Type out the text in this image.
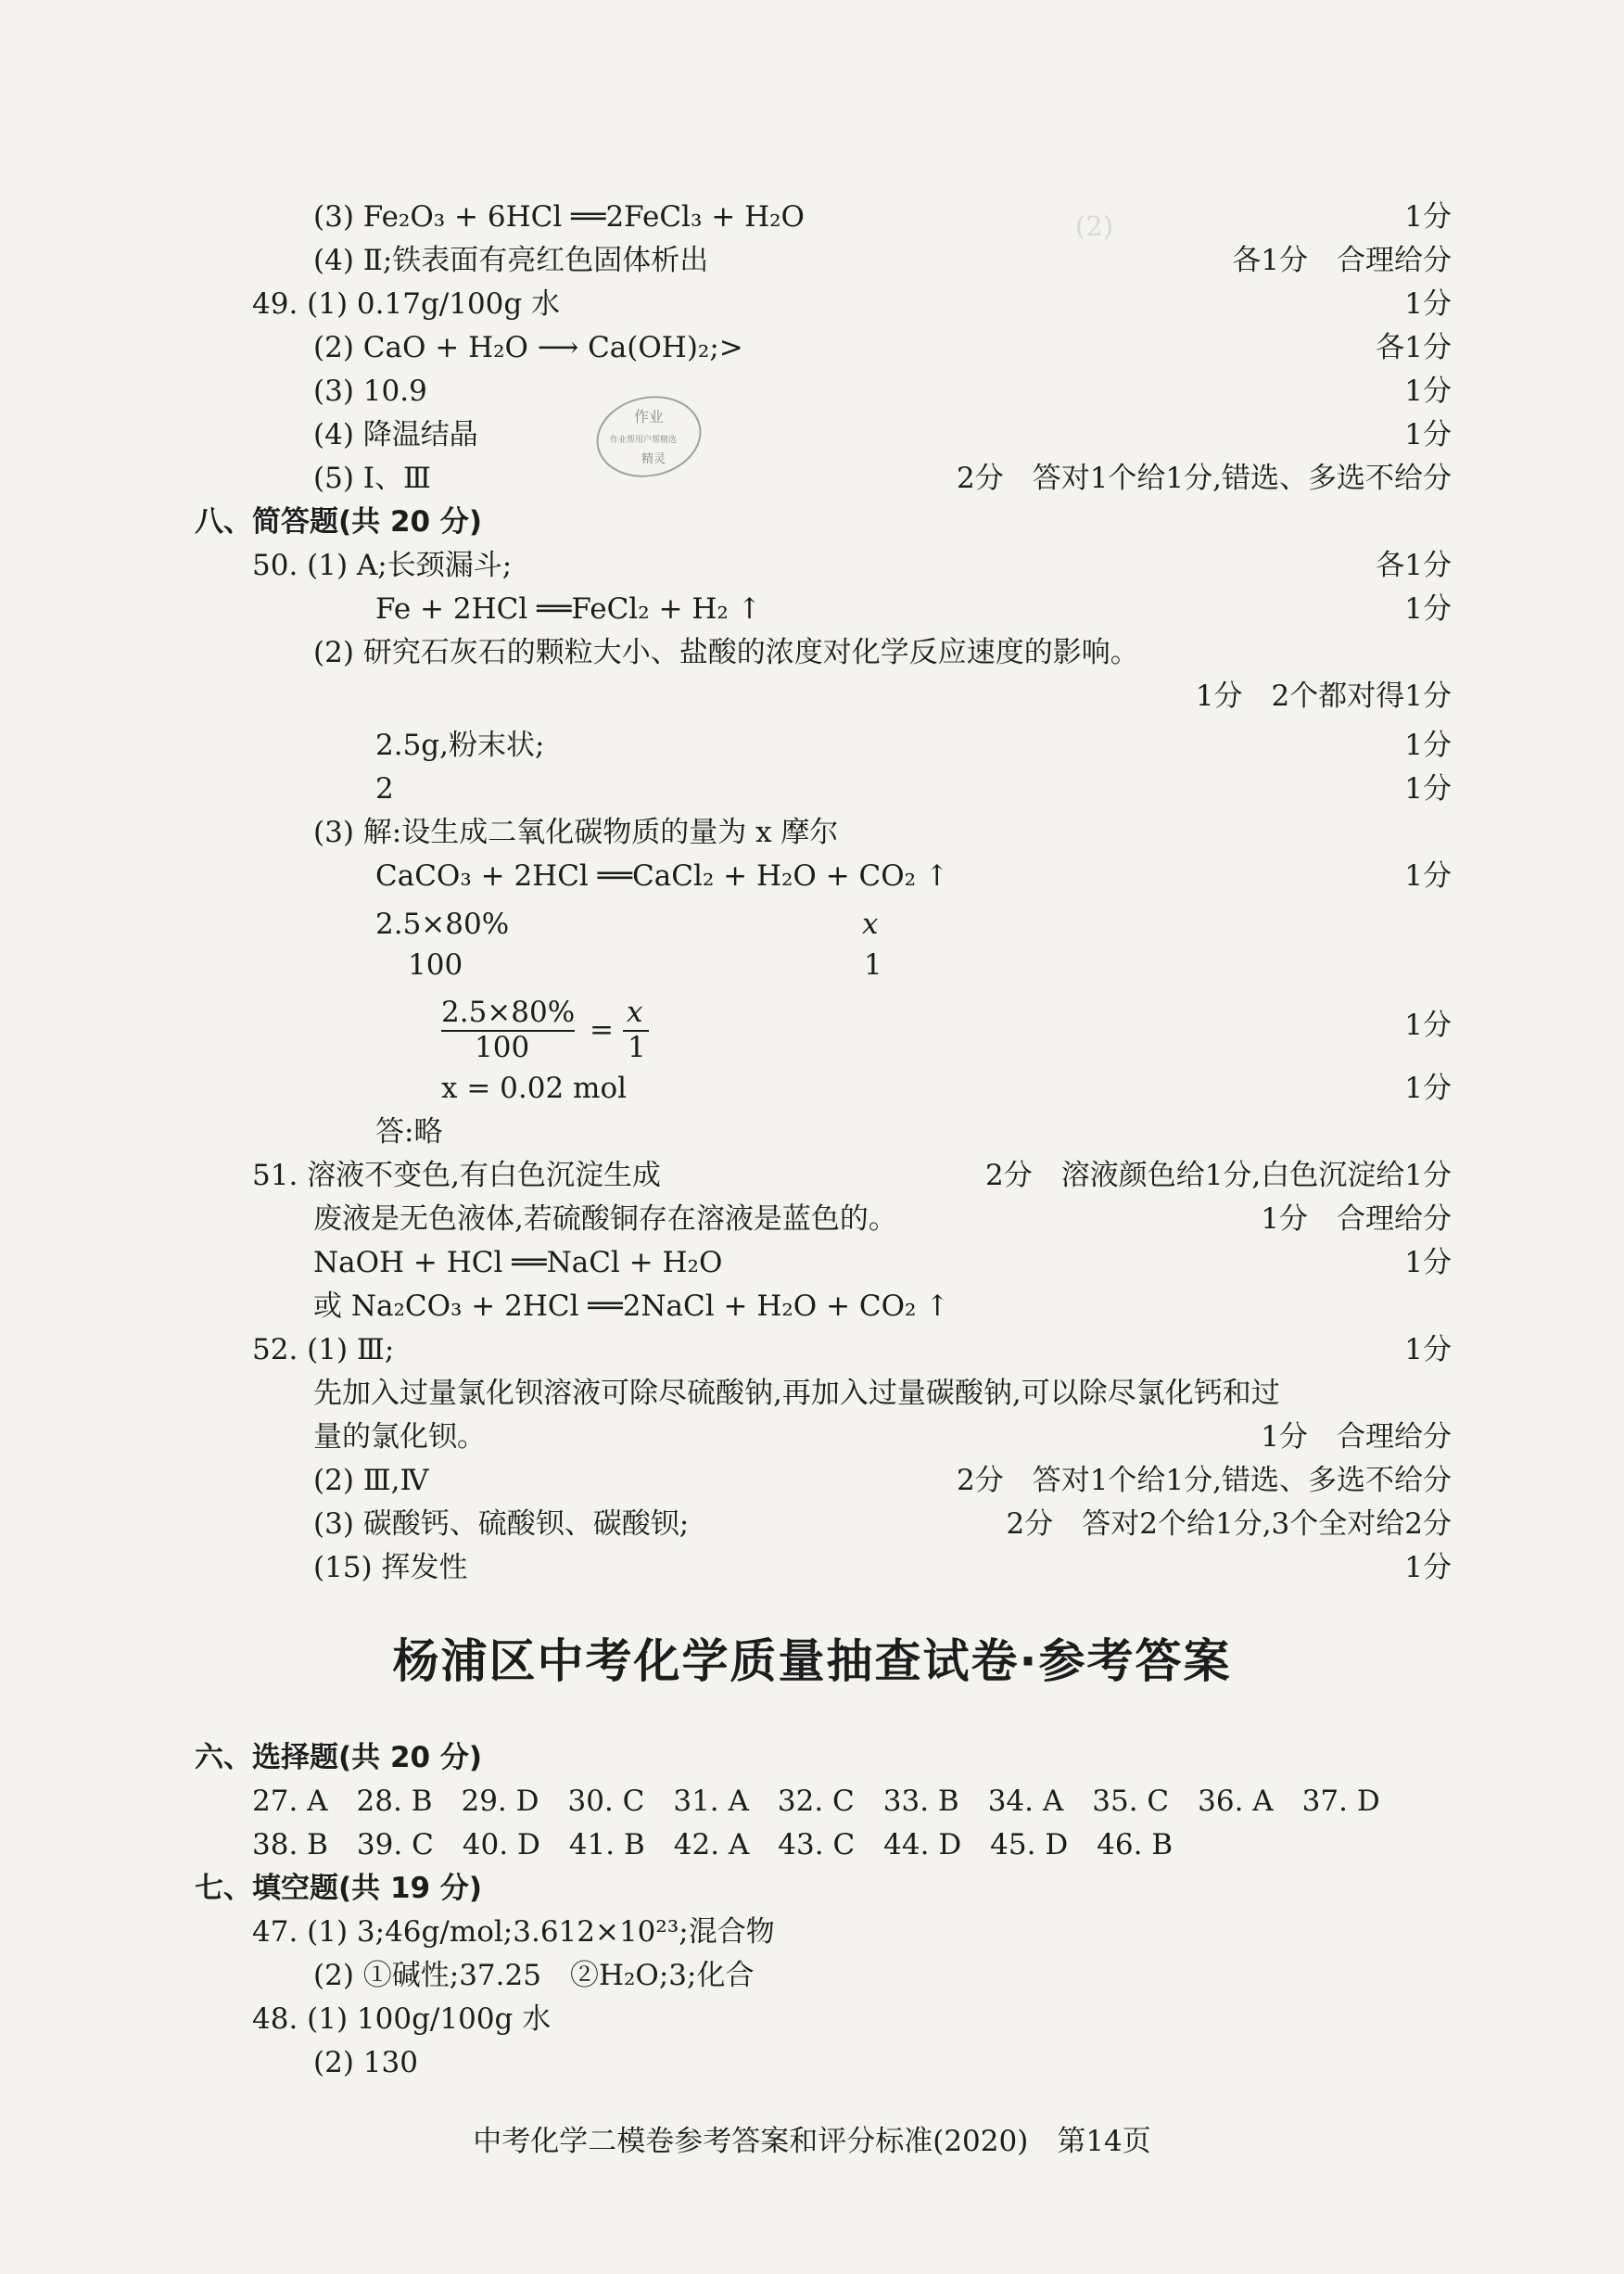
(2)
(3) Fe₂O₃ + 6HCl ══2FeCl₃ + H₂O	1分
(4) Ⅱ;铁表面有亮红色固体析出	各1分　合理给分
49. (1) 0.17g/100g 水	1分
(2) CaO + H₂O ⟶ Ca(OH)₂;>	各1分
(3) 10.9	1分
(4) 降温结晶	1分
(5) Ⅰ、Ⅲ	2分　答对1个给1分,错选、多选不给分
作业
作业帮用户帮精选
精灵
八、简答题(共 20 分)
50. (1) A;长颈漏斗;	各1分
Fe + 2HCl ══FeCl₂ + H₂ ↑	1分
(2) 研究石灰石的颗粒大小、盐酸的浓度对化学反应速度的影响。
1分　2个都对得1分
2.5g,粉末状;	1分
2	1分
(3) 解:设生成二氧化碳物质的量为 x 摩尔
CaCO₃ + 2HCl ══CaCl₂ + H₂O + CO₂ ↑	1分
2.5×80%	x
100	1
2.5×80%
100
=
x
1
1分
x = 0.02 mol	1分
答:略
51. 溶液不变色,有白色沉淀生成	2分　溶液颜色给1分,白色沉淀给1分
废液是无色液体,若硫酸铜存在溶液是蓝色的。	1分　合理给分
NaOH + HCl ══NaCl + H₂O	1分
或 Na₂CO₃ + 2HCl ══2NaCl + H₂O + CO₂ ↑
52. (1) Ⅲ;	1分
先加入过量氯化钡溶液可除尽硫酸钠,再加入过量碳酸钠,可以除尽氯化钙和过
量的氯化钡。	1分　合理给分
(2) Ⅲ,Ⅳ	2分　答对1个给1分,错选、多选不给分
(3) 碳酸钙、硫酸钡、碳酸钡;	2分　答对2个给1分,3个全对给2分
(15) 挥发性	1分
杨浦区中考化学质量抽查试卷·参考答案
六、选择题(共 20 分)
27. A　28. B　29. D　30. C　31. A　32. C　33. B　34. A　35. C　36. A　37. D
38. B　39. C　40. D　41. B　42. A　43. C　44. D　45. D　46. B
七、填空题(共 19 分)
47. (1) 3;46g/mol;3.612×10²³;混合物
(2) ①碱性;37.25　②H₂O;3;化合
48. (1) 100g/100g 水
(2) 130
中考化学二模卷参考答案和评分标准(2020)　第14页
